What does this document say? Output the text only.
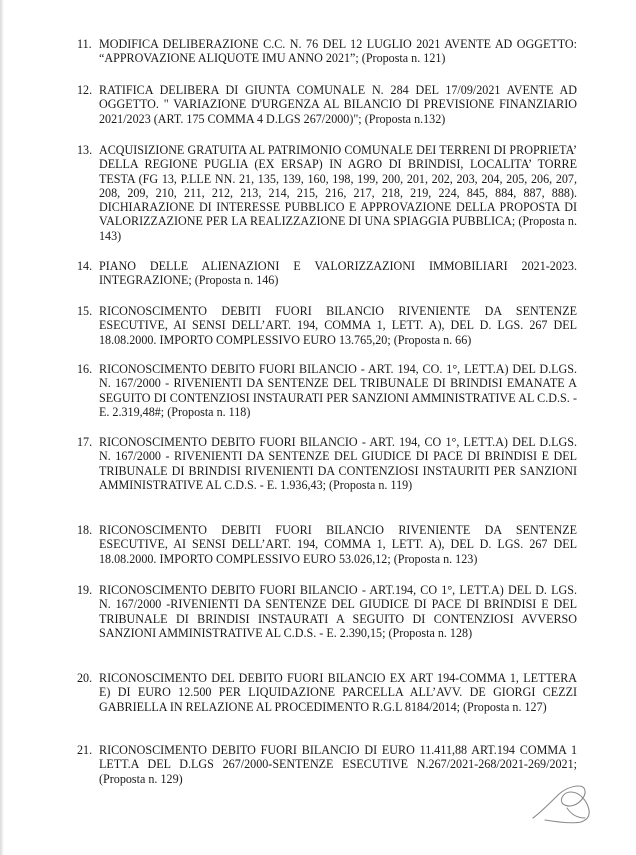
11. MODIFICA DELIBERAZIONE C.C. N. 76 DEL 12 LUGLIO 2021 AVENTE AD OGGETTO: “APPROVAZIONE ALIQUOTE IMU ANNO 2021”; (Proposta n. 121)
12. RATIFICA DELIBERA DI GIUNTA COMUNALE N. 284 DEL 17/09/2021 AVENTE AD OGGETTO. " VARIAZIONE D'URGENZA AL BILANCIO DI PREVISIONE FINANZIARIO 2021/2023 (ART. 175 COMMA 4 D.LGS 267/2000)"; (Proposta n.132)
13. ACQUISIZIONE GRATUITA AL PATRIMONIO COMUNALE DEI TERRENI DI PROPRIETA’ DELLA REGIONE PUGLIA (EX ERSAP) IN AGRO DI BRINDISI, LOCALITA’ TORRE TESTA (FG 13, P.LLE NN. 21, 135, 139, 160, 198, 199, 200, 201, 202, 203, 204, 205, 206, 207, 208, 209, 210, 211, 212, 213, 214, 215, 216, 217, 218, 219, 224, 845, 884, 887, 888). DICHIARAZIONE DI INTERESSE PUBBLICO E APPROVAZIONE DELLA PROPOSTA DI VALORIZZAZIONE PER LA REALIZZAZIONE DI UNA SPIAGGIA PUBBLICA; (Proposta n. 143)
14. PIANO DELLE ALIENAZIONI E VALORIZZAZIONI IMMOBILIARI 2021-2023. INTEGRAZIONE; (Proposta n. 146)
15. RICONOSCIMENTO DEBITI FUORI BILANCIO RIVENIENTE DA SENTENZE ESECUTIVE, AI SENSI DELL’ART. 194, COMMA 1, LETT. A), DEL D. LGS. 267 DEL 18.08.2000. IMPORTO COMPLESSIVO EURO 13.765,20; (Proposta n. 66)
16. RICONOSCIMENTO DEBITO FUORI BILANCIO - ART. 194, CO. 1°, LETT.A) DEL D.LGS. N. 167/2000 - RIVENIENTI DA SENTENZE DEL TRIBUNALE DI BRINDISI EMANATE A SEGUITO DI CONTENZIOSI INSTAURATI PER SANZIONI AMMINISTRATIVE AL C.D.S. - E. 2.319,48#; (Proposta n. 118)
17. RICONOSCIMENTO DEBITO FUORI BILANCIO - ART. 194, CO 1°, LETT.A) DEL D.LGS. N. 167/2000 - RIVENIENTI DA SENTENZE DEL GIUDICE DI PACE DI BRINDISI E DEL TRIBUNALE DI BRINDISI RIVENIENTI DA CONTENZIOSI INSTAURITI PER SANZIONI AMMINISTRATIVE AL C.D.S. - E. 1.936,43; (Proposta n. 119)
18. RICONOSCIMENTO DEBITI FUORI BILANCIO RIVENIENTE DA SENTENZE ESECUTIVE, AI SENSI DELL’ART. 194, COMMA 1, LETT. A), DEL D. LGS. 267 DEL 18.08.2000. IMPORTO COMPLESSIVO EURO 53.026,12; (Proposta n. 123)
19. RICONOSCIMENTO DEBITO FUORI BILANCIO - ART.194, CO 1°, LETT.A) DEL D. LGS. N. 167/2000 -RIVENIENTI DA SENTENZE DEL GIUDICE DI PACE DI BRINDISI E DEL TRIBUNALE DI BRINDISI INSTAURATI A SEGUITO DI CONTENZIOSI AVVERSO SANZIONI AMMINISTRATIVE AL C.D.S. - E. 2.390,15; (Proposta n. 128)
20. RICONOSCIMENTO DEL DEBITO FUORI BILANCIO EX ART 194-COMMA 1, LETTERA E) DI EURO 12.500 PER LIQUIDAZIONE PARCELLA ALL’AVV. DE GIORGI CEZZI GABRIELLA IN RELAZIONE AL PROCEDIMENTO R.G.L 8184/2014; (Proposta n. 127)
21. RICONOSCIMENTO DEBITO FUORI BILANCIO DI EURO 11.411,88 ART.194 COMMA 1 LETT.A DEL D.LGS 267/2000-SENTENZE ESECUTIVE N.267/2021-268/2021-269/2021; (Proposta n. 129)
